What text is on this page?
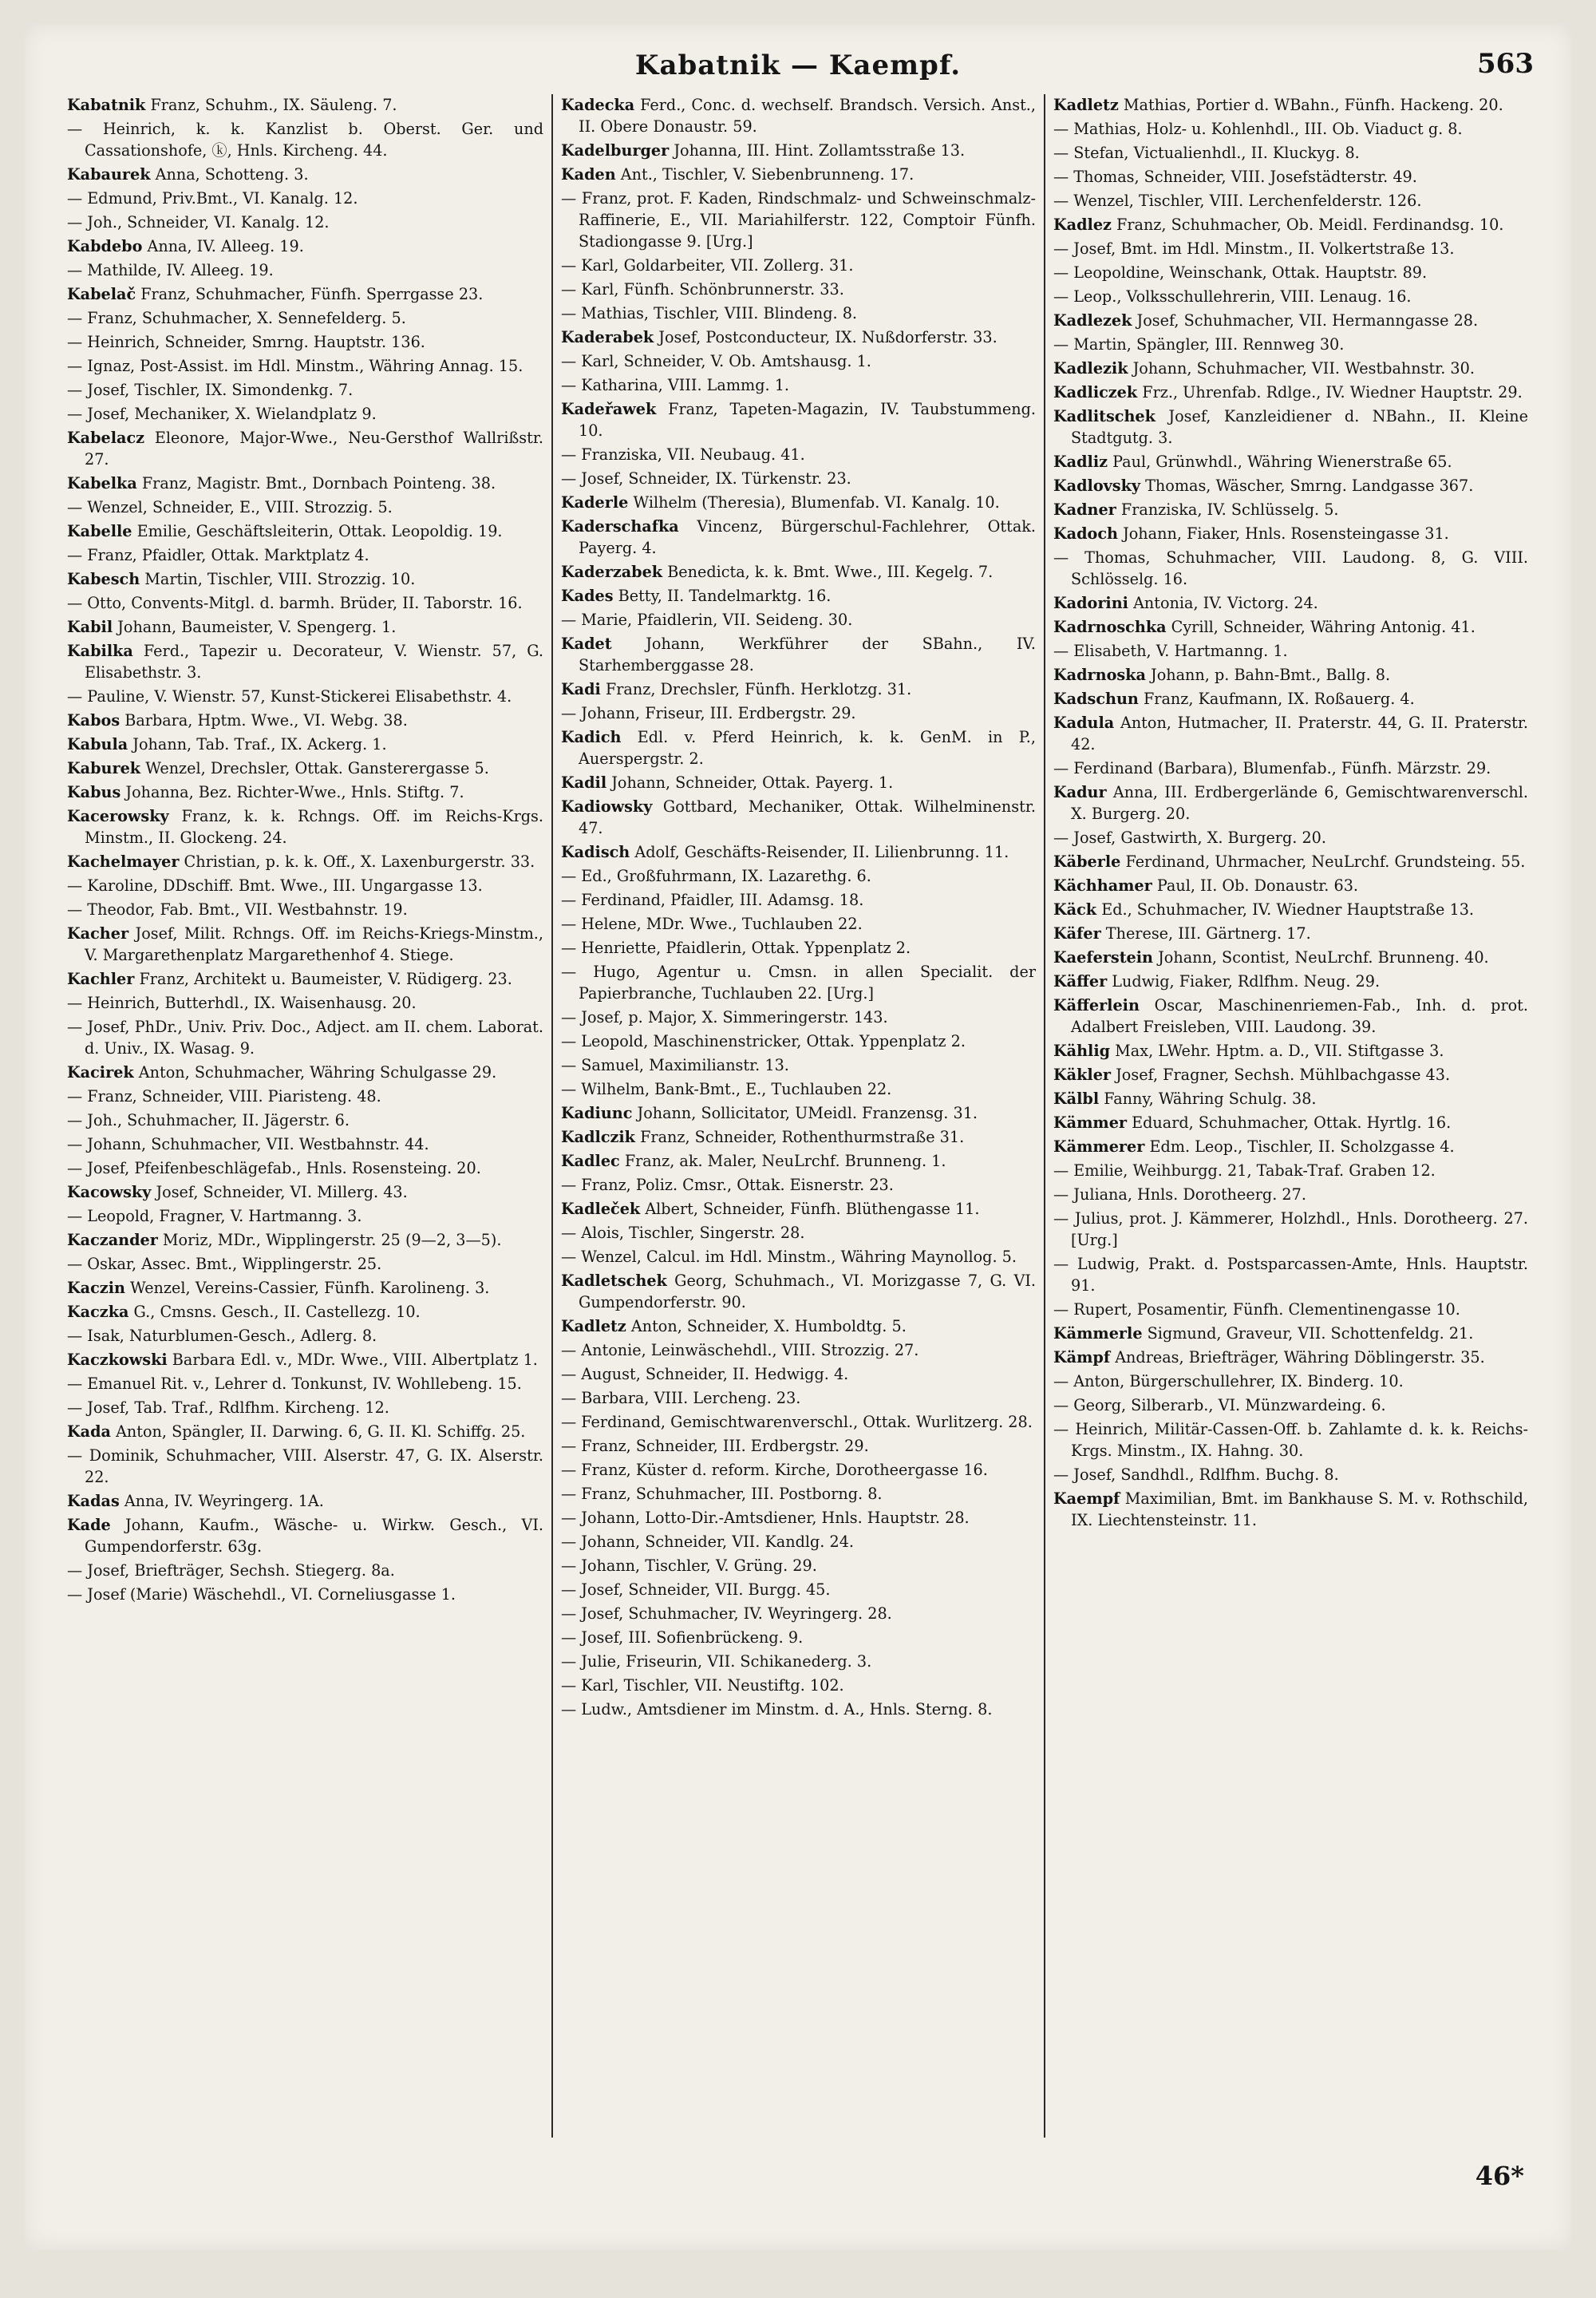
Kabatnik — Kaempf.	563
Kabatnik Franz, Schuhm., IX. Säuleng. 7.
— Heinrich, k. k. Kanzlist b. Oberst. Ger. und Cassationshofe, ⓚ, Hnls. Kircheng. 44.
Kabaurek Anna, Schotteng. 3.
— Edmund, Priv.Bmt., VI. Kanalg. 12.
— Joh., Schneider, VI. Kanalg. 12.
Kabdebo Anna, IV. Alleeg. 19.
— Mathilde, IV. Alleeg. 19.
Kabelač Franz, Schuhmacher, Fünfh. Sperrgasse 23.
— Franz, Schuhmacher, X. Sennefelderg. 5.
— Heinrich, Schneider, Smrng. Hauptstr. 136.
— Ignaz, Post-Assist. im Hdl. Minstm., Währing Annag. 15.
— Josef, Tischler, IX. Simondenkg. 7.
— Josef, Mechaniker, X. Wielandplatz 9.
Kabelacz Eleonore, Major-Wwe., Neu-Gersthof Wallrißstr. 27.
Kabelka Franz, Magistr. Bmt., Dornbach Pointeng. 38.
— Wenzel, Schneider, E., VIII. Strozzig. 5.
Kabelle Emilie, Geschäftsleiterin, Ottak. Leopoldig. 19.
— Franz, Pfaidler, Ottak. Marktplatz 4.
Kabesch Martin, Tischler, VIII. Strozzig. 10.
— Otto, Convents-Mitgl. d. barmh. Brüder, II. Taborstr. 16.
Kabil Johann, Baumeister, V. Spengerg. 1.
Kabilka Ferd., Tapezir u. Decorateur, V. Wienstr. 57, G. Elisabethstr. 3.
— Pauline, V. Wienstr. 57, Kunst-Stickerei Elisabethstr. 4.
Kabos Barbara, Hptm. Wwe., VI. Webg. 38.
Kabula Johann, Tab. Traf., IX. Ackerg. 1.
Kaburek Wenzel, Drechsler, Ottak. Gansterergasse 5.
Kabus Johanna, Bez. Richter-Wwe., Hnls. Stiftg. 7.
Kacerowsky Franz, k. k. Rchngs. Off. im Reichs-Krgs. Minstm., II. Glockeng. 24.
Kachelmayer Christian, p. k. k. Off., X. Laxenburgerstr. 33.
— Karoline, DDschiff. Bmt. Wwe., III. Ungargasse 13.
— Theodor, Fab. Bmt., VII. Westbahnstr. 19.
Kacher Josef, Milit. Rchngs. Off. im Reichs-Kriegs-Minstm., V. Margarethenplatz Margarethenhof 4. Stiege.
Kachler Franz, Architekt u. Baumeister, V. Rüdigerg. 23.
— Heinrich, Butterhdl., IX. Waisenhausg. 20.
— Josef, PhDr., Univ. Priv. Doc., Adject. am II. chem. Laborat. d. Univ., IX. Wasag. 9.
Kacirek Anton, Schuhmacher, Währing Schulgasse 29.
— Franz, Schneider, VIII. Piaristeng. 48.
— Joh., Schuhmacher, II. Jägerstr. 6.
— Johann, Schuhmacher, VII. Westbahnstr. 44.
— Josef, Pfeifenbeschlägefab., Hnls. Rosensteing. 20.
Kacowsky Josef, Schneider, VI. Millerg. 43.
— Leopold, Fragner, V. Hartmanng. 3.
Kaczander Moriz, MDr., Wipplingerstr. 25 (9—2, 3—5).
— Oskar, Assec. Bmt., Wipplingerstr. 25.
Kaczin Wenzel, Vereins-Cassier, Fünfh. Karolineng. 3.
Kaczka G., Cmsns. Gesch., II. Castellezg. 10.
— Isak, Naturblumen-Gesch., Adlerg. 8.
Kaczkowski Barbara Edl. v., MDr. Wwe., VIII. Albertplatz 1.
— Emanuel Rit. v., Lehrer d. Tonkunst, IV. Wohllebeng. 15.
— Josef, Tab. Traf., Rdlfhm. Kircheng. 12.
Kada Anton, Spängler, II. Darwing. 6, G. II. Kl. Schiffg. 25.
— Dominik, Schuhmacher, VIII. Alserstr. 47, G. IX. Alserstr. 22.
Kadas Anna, IV. Weyringerg. 1A.
Kade Johann, Kaufm., Wäsche- u. Wirkw. Gesch., VI. Gumpendorferstr. 63g.
— Josef, Briefträger, Sechsh. Stiegerg. 8a.
— Josef (Marie) Wäschehdl., VI. Corneliusgasse 1.
Kadecka Ferd., Conc. d. wechself. Brandsch. Versich. Anst., II. Obere Donaustr. 59.
Kadelburger Johanna, III. Hint. Zollamtsstraße 13.
Kaden Ant., Tischler, V. Siebenbrunneng. 17.
— Franz, prot. F. Kaden, Rindschmalz- und Schweinschmalz-Raffinerie, E., VII. Mariahilferstr. 122, Comptoir Fünfh. Stadiongasse 9. [Urg.]
— Karl, Goldarbeiter, VII. Zollerg. 31.
— Karl, Fünfh. Schönbrunnerstr. 33.
— Mathias, Tischler, VIII. Blindeng. 8.
Kaderabek Josef, Postconducteur, IX. Nußdorferstr. 33.
— Karl, Schneider, V. Ob. Amtshausg. 1.
— Katharina, VIII. Lammg. 1.
Kadeřawek Franz, Tapeten-Magazin, IV. Taubstummeng. 10.
— Franziska, VII. Neubaug. 41.
— Josef, Schneider, IX. Türkenstr. 23.
Kaderle Wilhelm (Theresia), Blumenfab. VI. Kanalg. 10.
Kaderschafka Vincenz, Bürgerschul-Fachlehrer, Ottak. Payerg. 4.
Kaderzabek Benedicta, k. k. Bmt. Wwe., III. Kegelg. 7.
Kades Betty, II. Tandelmarktg. 16.
— Marie, Pfaidlerin, VII. Seideng. 30.
Kadet Johann, Werkführer der SBahn., IV. Starhemberggasse 28.
Kadi Franz, Drechsler, Fünfh. Herklotzg. 31.
— Johann, Friseur, III. Erdbergstr. 29.
Kadich Edl. v. Pferd Heinrich, k. k. GenM. in P., Auerspergstr. 2.
Kadil Johann, Schneider, Ottak. Payerg. 1.
Kadiowsky Gottbard, Mechaniker, Ottak. Wilhelminenstr. 47.
Kadisch Adolf, Geschäfts-Reisender, II. Lilienbrunng. 11.
— Ed., Großfuhrmann, IX. Lazarethg. 6.
— Ferdinand, Pfaidler, III. Adamsg. 18.
— Helene, MDr. Wwe., Tuchlauben 22.
— Henriette, Pfaidlerin, Ottak. Yppenplatz 2.
— Hugo, Agentur u. Cmsn. in allen Specialit. der Papierbranche, Tuchlauben 22. [Urg.]
— Josef, p. Major, X. Simmeringerstr. 143.
— Leopold, Maschinenstricker, Ottak. Yppenplatz 2.
— Samuel, Maximilianstr. 13.
— Wilhelm, Bank-Bmt., E., Tuchlauben 22.
Kadiunc Johann, Sollicitator, UMeidl. Franzensg. 31.
Kadlczik Franz, Schneider, Rothenthurmstraße 31.
Kadlec Franz, ak. Maler, NeuLrchf. Brunneng. 1.
— Franz, Poliz. Cmsr., Ottak. Eisnerstr. 23.
Kadleček Albert, Schneider, Fünfh. Blüthengasse 11.
— Alois, Tischler, Singerstr. 28.
— Wenzel, Calcul. im Hdl. Minstm., Währing Maynollog. 5.
Kadletschek Georg, Schuhmach., VI. Morizgasse 7, G. VI. Gumpendorferstr. 90.
Kadletz Anton, Schneider, X. Humboldtg. 5.
— Antonie, Leinwäschehdl., VIII. Strozzig. 27.
— August, Schneider, II. Hedwigg. 4.
— Barbara, VIII. Lercheng. 23.
— Ferdinand, Gemischtwarenverschl., Ottak. Wurlitzerg. 28.
— Franz, Schneider, III. Erdbergstr. 29.
— Franz, Küster d. reform. Kirche, Dorotheergasse 16.
— Franz, Schuhmacher, III. Postborng. 8.
— Johann, Lotto-Dir.-Amtsdiener, Hnls. Hauptstr. 28.
— Johann, Schneider, VII. Kandlg. 24.
— Johann, Tischler, V. Grüng. 29.
— Josef, Schneider, VII. Burgg. 45.
— Josef, Schuhmacher, IV. Weyringerg. 28.
— Josef, III. Sofienbrückeng. 9.
— Julie, Friseurin, VII. Schikanederg. 3.
— Karl, Tischler, VII. Neustiftg. 102.
— Ludw., Amtsdiener im Minstm. d. A., Hnls. Sterng. 8.
Kadletz Mathias, Portier d. WBahn., Fünfh. Hackeng. 20.
— Mathias, Holz- u. Kohlenhdl., III. Ob. Viaduct g. 8.
— Stefan, Victualienhdl., II. Kluckyg. 8.
— Thomas, Schneider, VIII. Josefstädterstr. 49.
— Wenzel, Tischler, VIII. Lerchenfelderstr. 126.
Kadlez Franz, Schuhmacher, Ob. Meidl. Ferdinandsg. 10.
— Josef, Bmt. im Hdl. Minstm., II. Volkertstraße 13.
— Leopoldine, Weinschank, Ottak. Hauptstr. 89.
— Leop., Volksschullehrerin, VIII. Lenaug. 16.
Kadlezek Josef, Schuhmacher, VII. Hermanngasse 28.
— Martin, Spängler, III. Rennweg 30.
Kadlezik Johann, Schuhmacher, VII. Westbahnstr. 30.
Kadliczek Frz., Uhrenfab. Rdlge., IV. Wiedner Hauptstr. 29.
Kadlitschek Josef, Kanzleidiener d. NBahn., II. Kleine Stadtgutg. 3.
Kadliz Paul, Grünwhdl., Währing Wienerstraße 65.
Kadlovsky Thomas, Wäscher, Smrng. Landgasse 367.
Kadner Franziska, IV. Schlüsselg. 5.
Kadoch Johann, Fiaker, Hnls. Rosensteingasse 31.
— Thomas, Schuhmacher, VIII. Laudong. 8, G. VIII. Schlösselg. 16.
Kadorini Antonia, IV. Victorg. 24.
Kadrnoschka Cyrill, Schneider, Währing Antonig. 41.
— Elisabeth, V. Hartmanng. 1.
Kadrnoska Johann, p. Bahn-Bmt., Ballg. 8.
Kadschun Franz, Kaufmann, IX. Roßauerg. 4.
Kadula Anton, Hutmacher, II. Praterstr. 44, G. II. Praterstr. 42.
— Ferdinand (Barbara), Blumenfab., Fünfh. Märzstr. 29.
Kadur Anna, III. Erdbergerlände 6, Gemischtwarenverschl. X. Burgerg. 20.
— Josef, Gastwirth, X. Burgerg. 20.
Käberle Ferdinand, Uhrmacher, NeuLrchf. Grundsteing. 55.
Kächhamer Paul, II. Ob. Donaustr. 63.
Käck Ed., Schuhmacher, IV. Wiedner Hauptstraße 13.
Käfer Therese, III. Gärtnerg. 17.
Kaeferstein Johann, Scontist, NeuLrchf. Brunneng. 40.
Käffer Ludwig, Fiaker, Rdlfhm. Neug. 29.
Käfferlein Oscar, Maschinenriemen-Fab., Inh. d. prot. Adalbert Freisleben, VIII. Laudong. 39.
Kählig Max, LWehr. Hptm. a. D., VII. Stiftgasse 3.
Käkler Josef, Fragner, Sechsh. Mühlbachgasse 43.
Kälbl Fanny, Währing Schulg. 38.
Kämmer Eduard, Schuhmacher, Ottak. Hyrtlg. 16.
Kämmerer Edm. Leop., Tischler, II. Scholzgasse 4.
— Emilie, Weihburgg. 21, Tabak-Traf. Graben 12.
— Juliana, Hnls. Dorotheerg. 27.
— Julius, prot. J. Kämmerer, Holzhdl., Hnls. Dorotheerg. 27. [Urg.]
— Ludwig, Prakt. d. Postsparcassen-Amte, Hnls. Hauptstr. 91.
— Rupert, Posamentir, Fünfh. Clementinengasse 10.
Kämmerle Sigmund, Graveur, VII. Schottenfeldg. 21.
Kämpf Andreas, Briefträger, Währing Döblingerstr. 35.
— Anton, Bürgerschullehrer, IX. Binderg. 10.
— Georg, Silberarb., VI. Münzwardeing. 6.
— Heinrich, Militär-Cassen-Off. b. Zahlamte d. k. k. Reichs-Krgs. Minstm., IX. Hahng. 30.
— Josef, Sandhdl., Rdlfhm. Buchg. 8.
Kaempf Maximilian, Bmt. im Bankhause S. M. v. Rothschild, IX. Liechtensteinstr. 11.
46*
